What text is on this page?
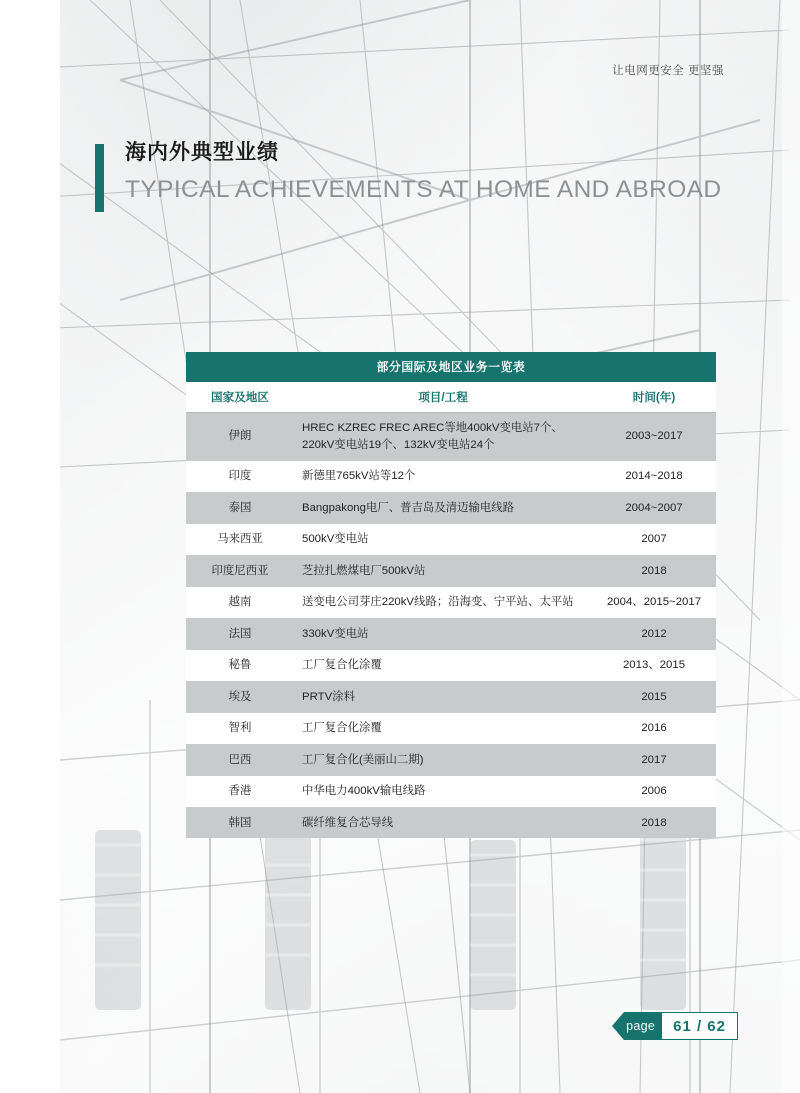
让电网更安全 更坚强
海内外典型业绩
TYPICAL ACHIEVEMENTS AT HOME AND ABROAD
部分国际及地区业务一览表
国家及地区	项目/工程	时间(年)
伊朗	HREC KZREC FREC AREC等地400kV变电站7个、220kV变电站19个、132kV变电站24个	2003~2017
印度	新德里765kV站等12个	2014~2018
泰国	Bangpakong电厂、普吉岛及清迈输电线路	2004~2007
马来西亚	500kV变电站	2007
印度尼西亚	芝拉扎燃煤电厂500kV站	2018
越南	送变电公司芽庄220kV线路；沿海变、宁平站、太平站	2004、2015~2017
法国	330kV变电站	2012
秘鲁	工厂复合化涂覆	2013、2015
埃及	PRTV涂料	2015
智利	工厂复合化涂覆	2016
巴西	工厂复合化(美丽山二期)	2017
香港	中华电力400kV输电线路	2006
韩国	碳纤维复合芯导线	2018
page	61 / 62
